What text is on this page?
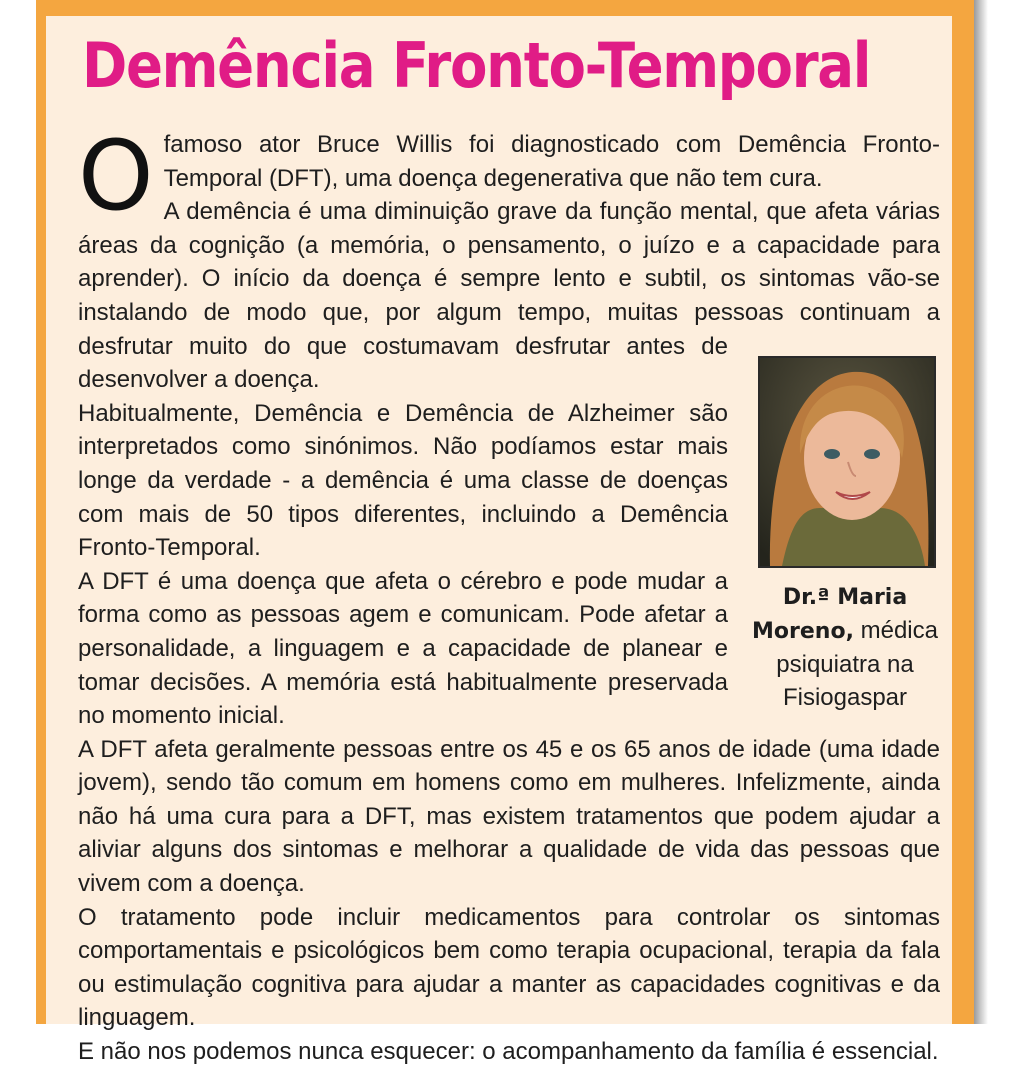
Demência Fronto-Temporal
O
Dr.ª Maria Moreno, médica psiquiatra na Fisiogaspar

famoso ator Bruce Willis foi diagnosticado com Demência Fronto-Temporal (DFT), uma doença degenerativa que não tem cura.

A demência é uma diminuição grave da função mental, que afeta várias áreas da cognição (a memória, o pensamento, o juízo e a capacidade para aprender). O início da doença é sempre lento e subtil, os sintomas vão-se instalando de modo que, por algum tempo, muitas pessoas continuam a desfrutar muito do que costumavam desfrutar antes de desenvolver a doença.

Habitualmente, Demência e Demência de Alzheimer são interpretados como sinónimos. Não podíamos estar mais longe da verdade - a demência é uma classe de doenças com mais de 50 tipos diferentes, incluindo a Demência Fronto-Temporal.

A DFT é uma doença que afeta o cérebro e pode mudar a forma como as pessoas agem e comunicam. Pode afetar a personalidade, a linguagem e a capacidade de planear e tomar decisões. A memória está habitualmente preservada no momento inicial.

A DFT afeta geralmente pessoas entre os 45 e os 65 anos de idade (uma idade jovem), sendo tão comum em homens como em mulheres. Infelizmente, ainda não há uma cura para a DFT, mas existem tratamentos que podem ajudar a aliviar alguns dos sintomas e melhorar a qualidade de vida das pessoas que vivem com a doença.

O tratamento pode incluir medicamentos para controlar os sintomas comportamentais e psicológicos bem como terapia ocupacional, terapia da fala ou estimulação cognitiva para ajudar a manter as capacidades cognitivas e da linguagem.

E não nos podemos nunca esquecer: o acompanhamento da família é essencial.
